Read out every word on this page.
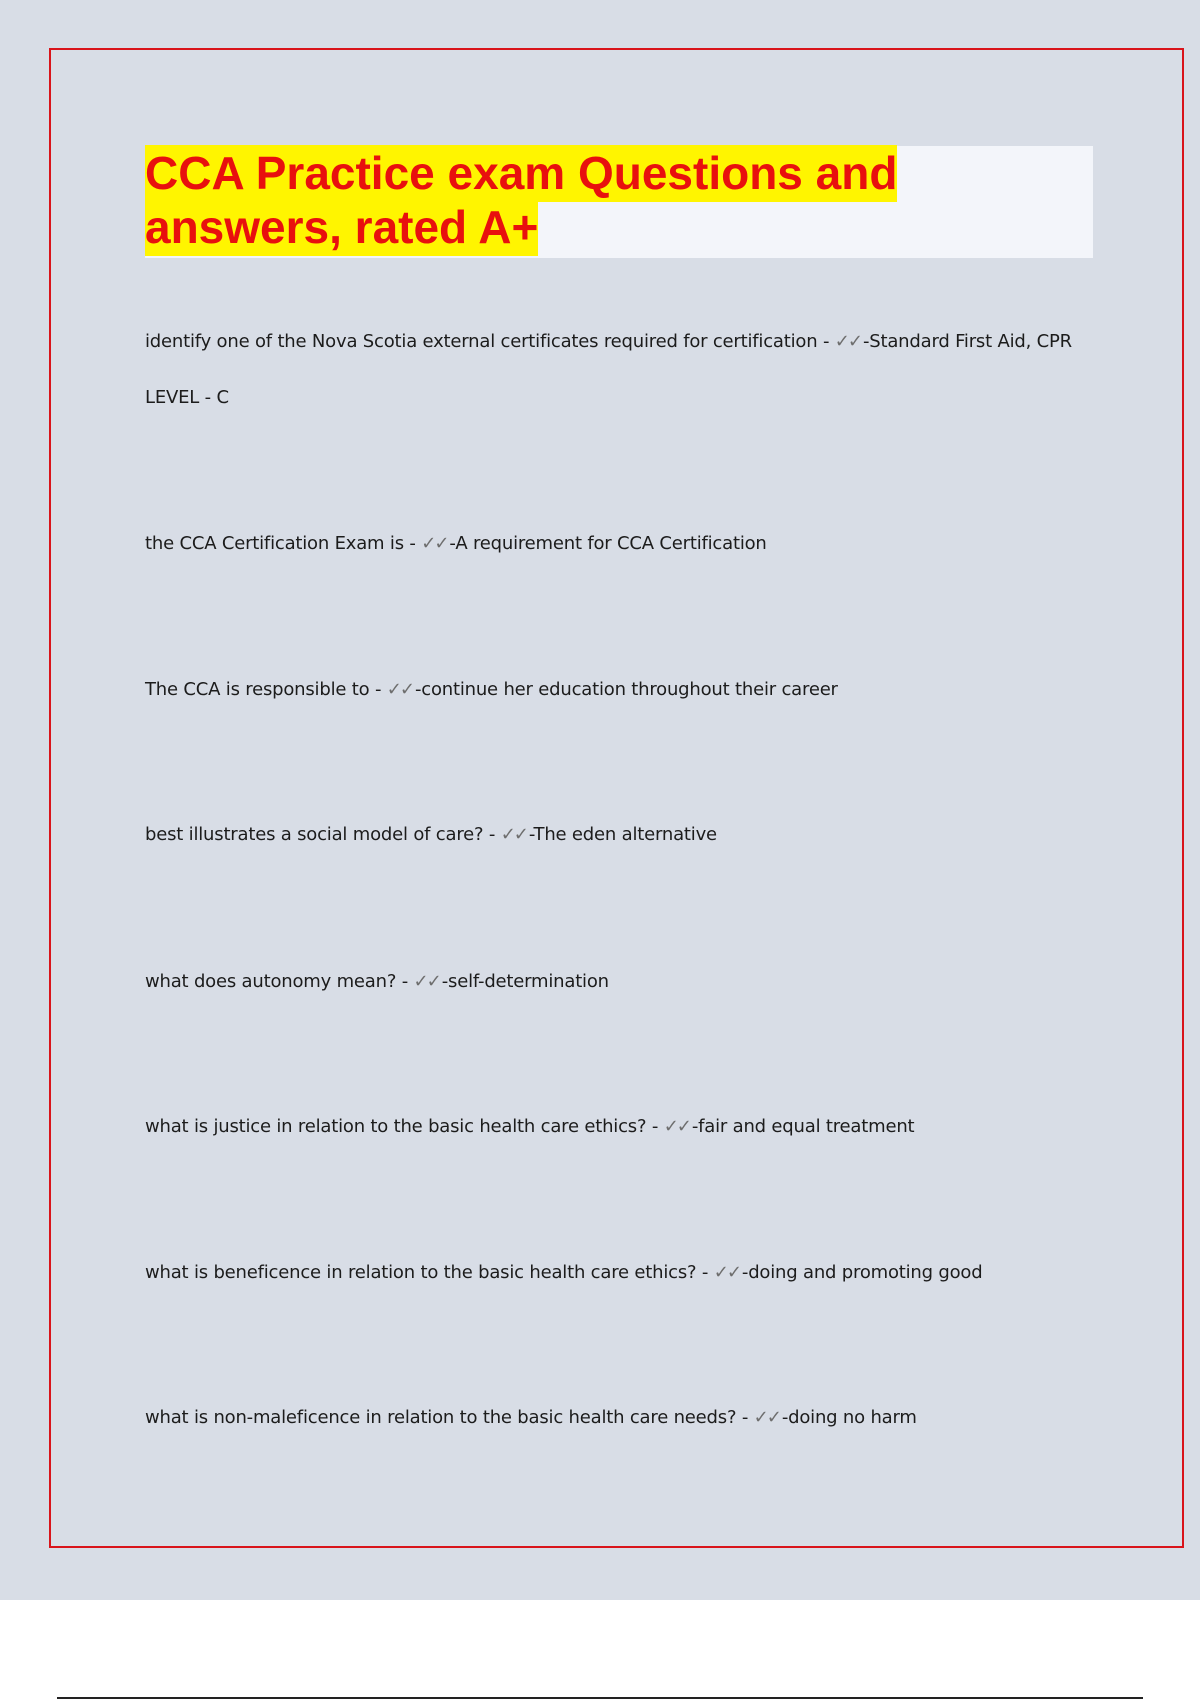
CCA Practice exam Questions and
answers, rated A+

identify one of the Nova Scotia external certificates required for certification - ✓✓ -Standard First Aid, CPR LEVEL - C

the CCA Certification Exam is - ✓✓ -A requirement for CCA Certification

The CCA is responsible to - ✓✓ -continue her education throughout their career

best illustrates a social model of care? - ✓✓ -The eden alternative

what does autonomy mean? - ✓✓ -self-determination

what is justice in relation to the basic health care ethics? - ✓✓ -fair and equal treatment

what is beneficence in relation to the basic health care ethics? - ✓✓ -doing and promoting good

what is non-maleficence in relation to the basic health care needs? - ✓✓ -doing no harm
